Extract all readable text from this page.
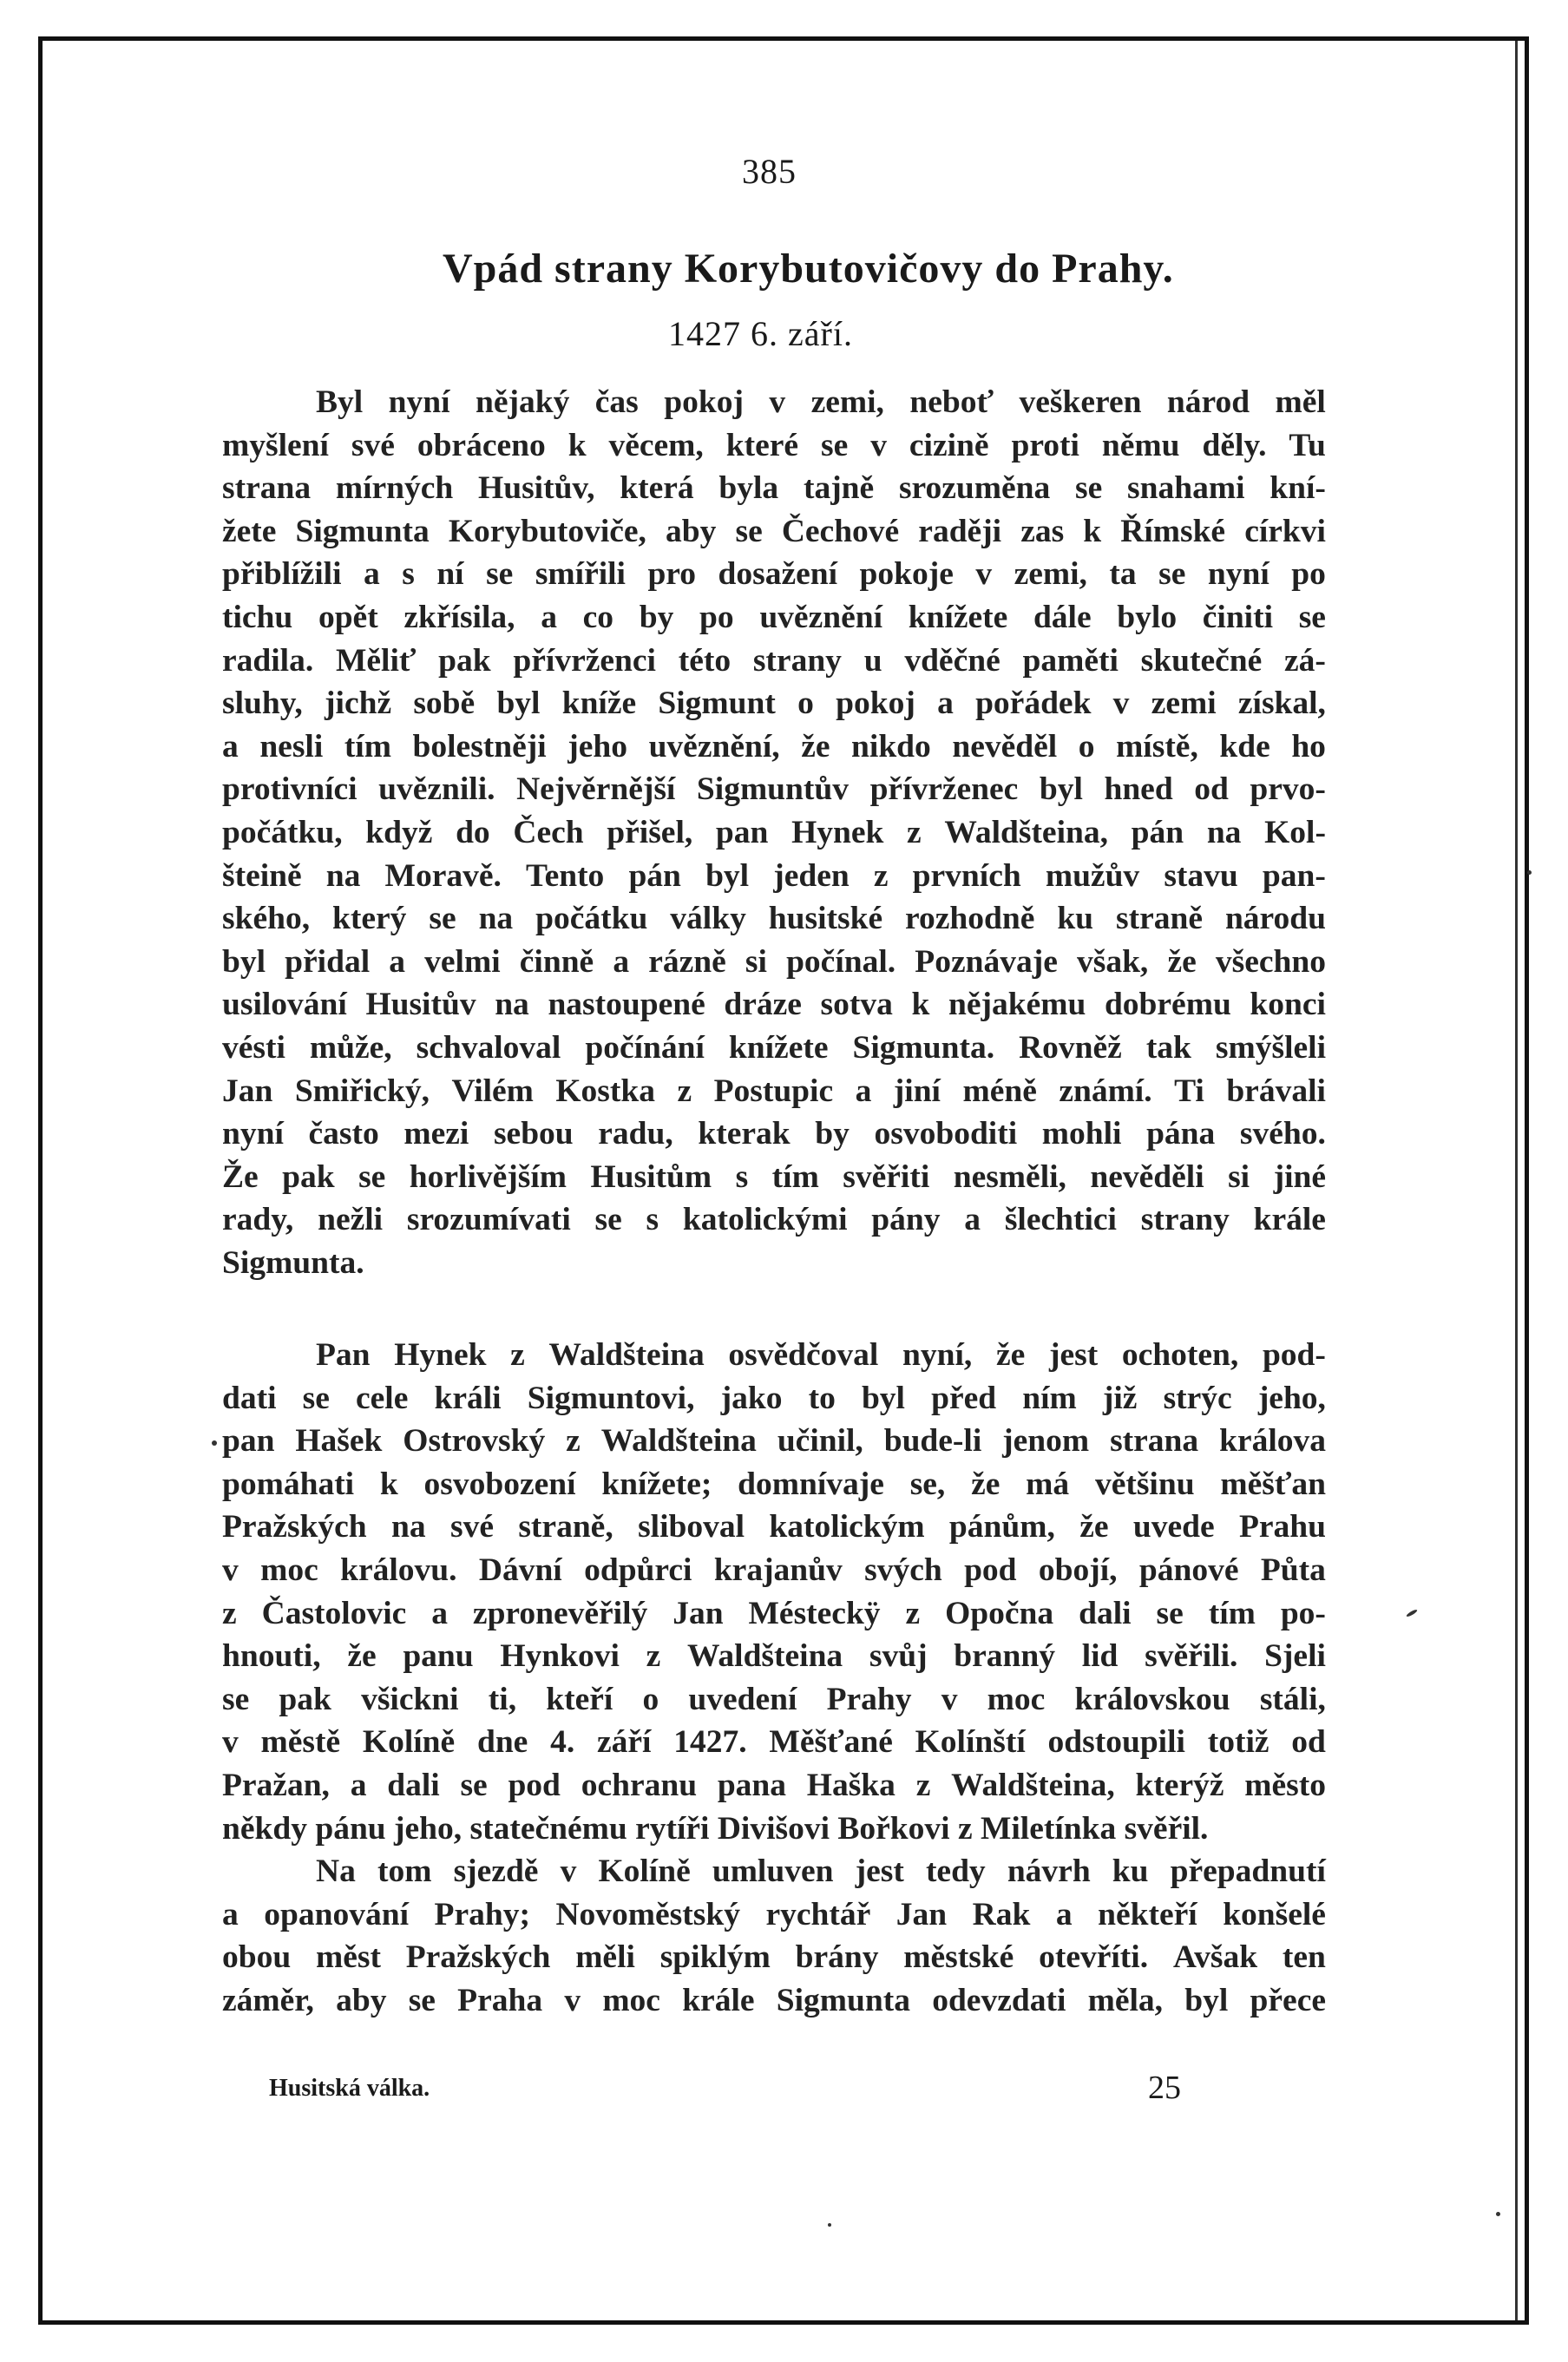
385
Vpád strany Korybutovičovy do Prahy.
1427 6. září.
Byl nyní nějaký čas pokoj v zemi, neboť veškeren národ měl
myšlení své obráceno k věcem, které se v cizině proti němu děly. Tu
strana mírných Husitův, která byla tajně srozuměna se snahami kní-
žete Sigmunta Korybutoviče, aby se Čechové raději zas k Římské církvi
přiblížili a s ní se smířili pro dosažení pokoje v zemi, ta se nyní po
tichu opět zkřísila, a co by po uvěznění knížete dále bylo činiti se
radila. Měliť pak přívrženci této strany u vděčné paměti skutečné zá-
sluhy, jichž sobě byl kníže Sigmunt o pokoj a pořádek v zemi získal,
a nesli tím bolestněji jeho uvěznění, že nikdo nevěděl o místě, kde ho
protivníci uvěznili. Nejvěrnější Sigmuntův přívrženec byl hned od prvo-
počátku, když do Čech přišel, pan Hynek z Waldšteina, pán na Kol-
šteině na Moravě. Tento pán byl jeden z prvních mužův stavu pan-
ského, který se na počátku války husitské rozhodně ku straně národu
byl přidal a velmi činně a rázně si počínal. Poznávaje však, že všechno
usilování Husitův na nastoupené dráze sotva k nějakému dobrému konci
vésti může, schvaloval počínání knížete Sigmunta. Rovněž tak smýšleli
Jan Smiřický, Vilém Kostka z Postupic a jiní méně známí. Ti brávali
nyní často mezi sebou radu, kterak by osvoboditi mohli pána svého.
Že pak se horlivějším Husitům s tím svěřiti nesměli, nevěděli si jiné
rady, nežli srozumívati se s katolickými pány a šlechtici strany krále
Sigmunta.
Pan Hynek z Waldšteina osvědčoval nyní, že jest ochoten, pod-
dati se cele králi Sigmuntovi, jako to byl před ním již strýc jeho,
pan Hašek Ostrovský z Waldšteina učinil, bude-li jenom strana králova
pomáhati k osvobození knížete; domnívaje se, že má většinu měšťan
Pražských na své straně, sliboval katolickým pánům, že uvede Prahu
v moc královu. Dávní odpůrci krajanův svých pod obojí, pánové Půta
z Častolovic a zpronevěřilý Jan Mésteckÿ z Opočna dali se tím po-
hnouti, že panu Hynkovi z Waldšteina svůj branný lid svěřili. Sjeli
se pak všickni ti, kteří o uvedení Prahy v moc královskou stáli,
v městě Kolíně dne 4. září 1427. Měšťané Kolínští odstoupili totiž od
Pražan, a dali se pod ochranu pana Haška z Waldšteina, kterýž město
někdy pánu jeho, statečnému rytíři Divišovi Bořkovi z Miletínka svěřil.
Na tom sjezdě v Kolíně umluven jest tedy návrh ku přepadnutí
a opanování Prahy; Novoměstský rychtář Jan Rak a někteří konšelé
obou měst Pražských měli spiklým brány městské otevříti. Avšak ten
záměr, aby se Praha v moc krále Sigmunta odevzdati měla, byl přece
Husitská válka.	25
